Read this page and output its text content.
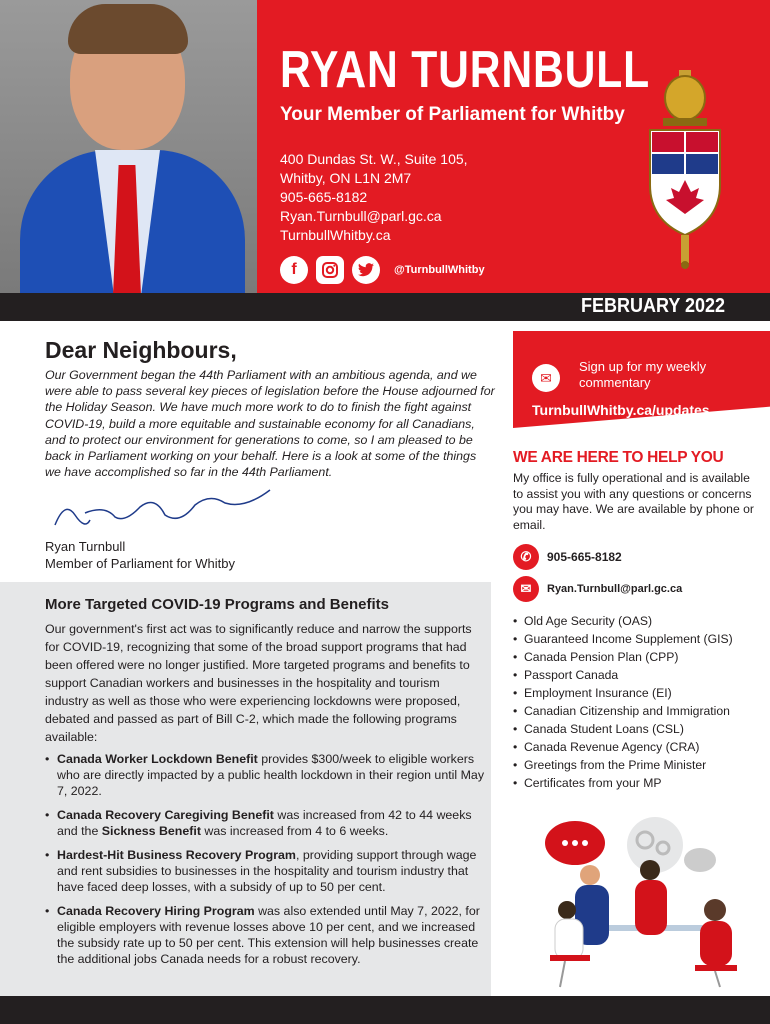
RYAN TURNBULL
Your Member of Parliament for Whitby
400 Dundas St. W., Suite 105,
Whitby, ON L1N 2M7
905-665-8182
Ryan.Turnbull@parl.gc.ca
TurnbullWhitby.ca
f	@TurnbullWhitby
FEBRUARY 2022
Dear Neighbours,
Our Government began the 44th Parliament with an ambitious agenda, and we were able to pass several key pieces of legislation before the House adjourned for the Holiday Season. We have much more work to do to finish the fight against COVID-19, build a more equitable and sustainable economy for all Canadians, and to protect our environment for generations to come, so I am pleased to be back in Parliament working on your behalf. Here is a look at some of the things we have accomplished so far in the 44th Parliament.
Ryan Turnbull
Member of Parliament for Whitby
More Targeted COVID-19 Programs and Benefits
Our government's first act was to significantly reduce and narrow the supports for COVID-19, recognizing that some of the broad support programs that had been offered were no longer justified. More targeted programs and benefits to support Canadian workers and businesses in the hospitality and tourism industry as well as those who were experiencing lockdowns were proposed, debated and passed as part of Bill C-2, which made the following programs available:
• Canada Worker Lockdown Benefit provides $300/week to eligible workers who are directly impacted by a public health lockdown in their region until May 7, 2022.
• Canada Recovery Caregiving Benefit was increased from 42 to 44 weeks and the Sickness Benefit was increased from 4 to 6 weeks.
• Hardest-Hit Business Recovery Program, providing support through wage and rent subsidies to businesses in the hospitality and tourism industry that have faced deep losses, with a subsidy of up to 50 per cent.
• Canada Recovery Hiring Program was also extended until May 7, 2022, for eligible employers with revenue losses above 10 per cent, and we increased the subsidy rate up to 50 per cent. This extension will help businesses create the additional jobs Canada needs for a robust recovery.
✉
Sign up for my weekly commentary
TurnbullWhitby.ca/updates
WE ARE HERE TO HELP YOU
My office is fully operational and is available to assist you with any questions or concerns you may have. We are available by phone or email.
✆	905-665-8182
✉	Ryan.Turnbull@parl.gc.ca
• Old Age Security (OAS)
• Guaranteed Income Supplement (GIS)
• Canada Pension Plan (CPP)
• Passport Canada
• Employment Insurance (EI)
• Canadian Citizenship and Immigration
• Canada Student Loans (CSL)
• Canada Revenue Agency (CRA)
• Greetings from the Prime Minister
• Certificates from your MP
